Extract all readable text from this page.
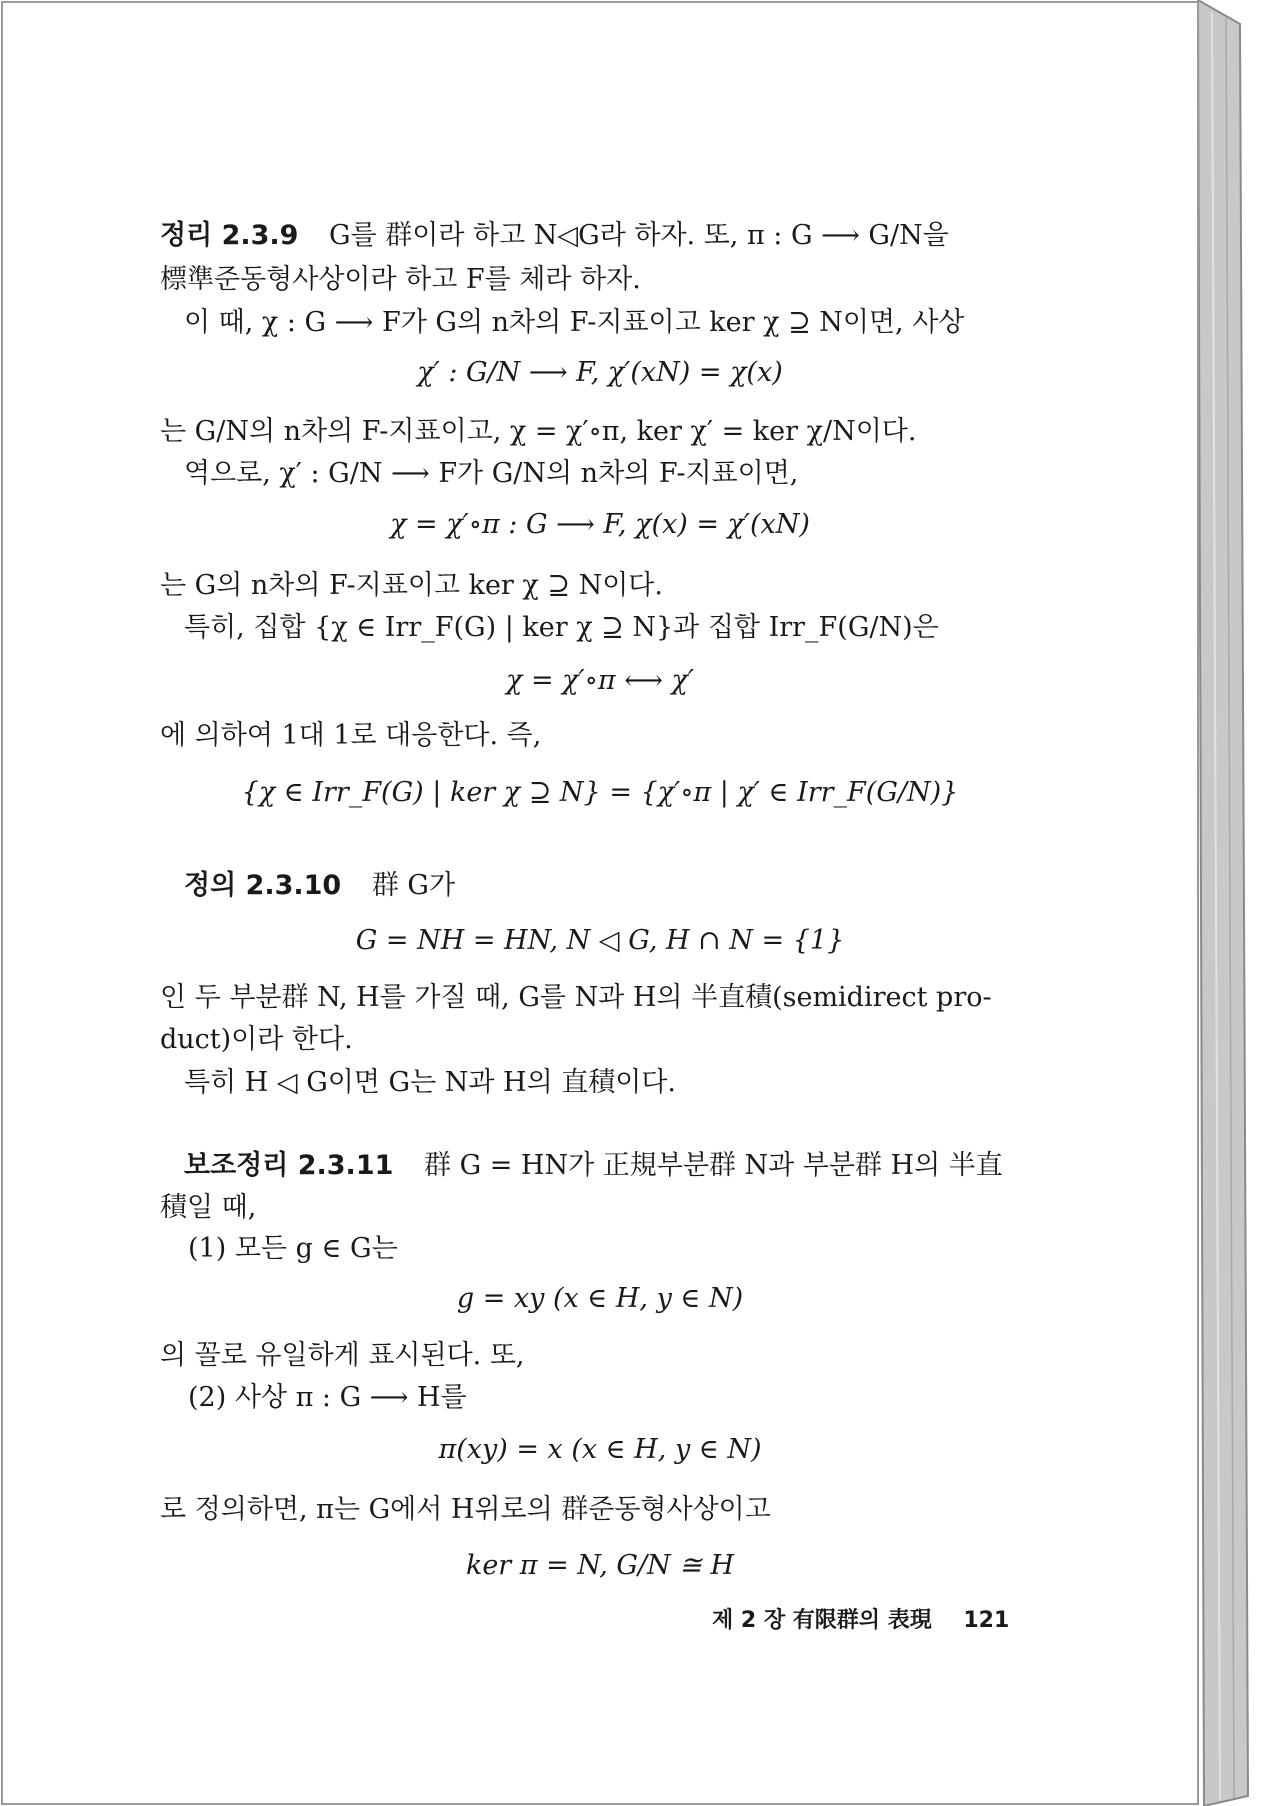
정리 2.3.9 G를 群이라 하고 N◁G라 하자. 또, π : G ⟶ G/N을
標準준동형사상이라 하고 F를 체라 하자.
이 때, χ : G ⟶ F가 G의 n차의 F-지표이고 ker χ ⊇ N이면, 사상
χ′ : G/N ⟶ F, χ′(xN) = χ(x)
는 G/N의 n차의 F-지표이고, χ = χ′∘π, ker χ′ = ker χ/N이다.
역으로, χ′ : G/N ⟶ F가 G/N의 n차의 F-지표이면,
χ = χ′∘π : G ⟶ F, χ(x) = χ′(xN)
는 G의 n차의 F-지표이고 ker χ ⊇ N이다.
특히, 집합 {χ ∈ Irr_F(G) | ker χ ⊇ N}과 집합 Irr_F(G/N)은
χ = χ′∘π ⟷ χ′
에 의하여 1대 1로 대응한다. 즉,
{χ ∈ Irr_F(G) | ker χ ⊇ N} = {χ′∘π | χ′ ∈ Irr_F(G/N)}
정의 2.3.10 群 G가
G = NH = HN, N ◁ G, H ∩ N = {1}
인 두 부분群 N, H를 가질 때, G를 N과 H의 半直積(semidirect pro-
duct)이라 한다.
특히 H ◁ G이면 G는 N과 H의 直積이다.
보조정리 2.3.11 群 G = HN가 正規부분群 N과 부분群 H의 半直
積일 때,
(1) 모든 g ∈ G는
g = xy (x ∈ H, y ∈ N)
의 꼴로 유일하게 표시된다. 또,
(2) 사상 π : G ⟶ H를
π(xy) = x (x ∈ H, y ∈ N)
로 정의하면, π는 G에서 H위로의 群준동형사상이고
ker π = N, G/N ≅ H
제 2 장 有限群의 表現 121
